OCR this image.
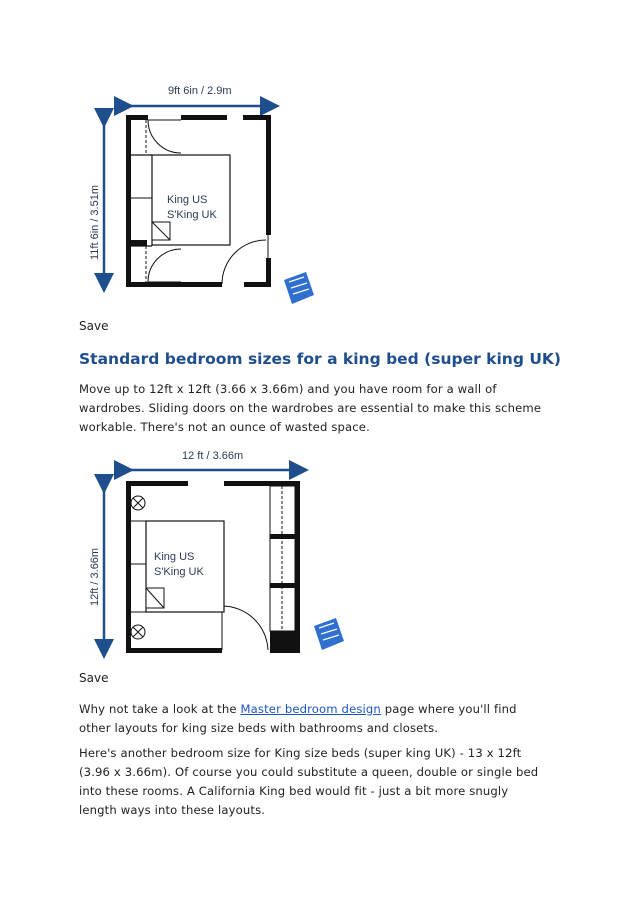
9ft 6in / 2.9m
11ft 6in / 3.51m	King US
S'King UK
Save
Standard bedroom sizes for a king bed (super king UK)

Move up to 12ft x 12ft (3.66 x 3.66m) and you have room for a wall of wardrobes. Sliding doors on the wardrobes are essential to make this scheme workable. There's not an ounce of wasted space.

12 ft / 3.66m
12ft / 3.66m	King US
S'King UK
Save

Why not take a look at the Master bedroom design page where you'll find other layouts for king size beds with bathrooms and closets.

Here's another bedroom size for King size beds (super king UK) - 13 x 12ft (3.96 x 3.66m). Of course you could substitute a queen, double or single bed into these rooms. A California King bed would fit - just a bit more snugly length ways into these layouts.
